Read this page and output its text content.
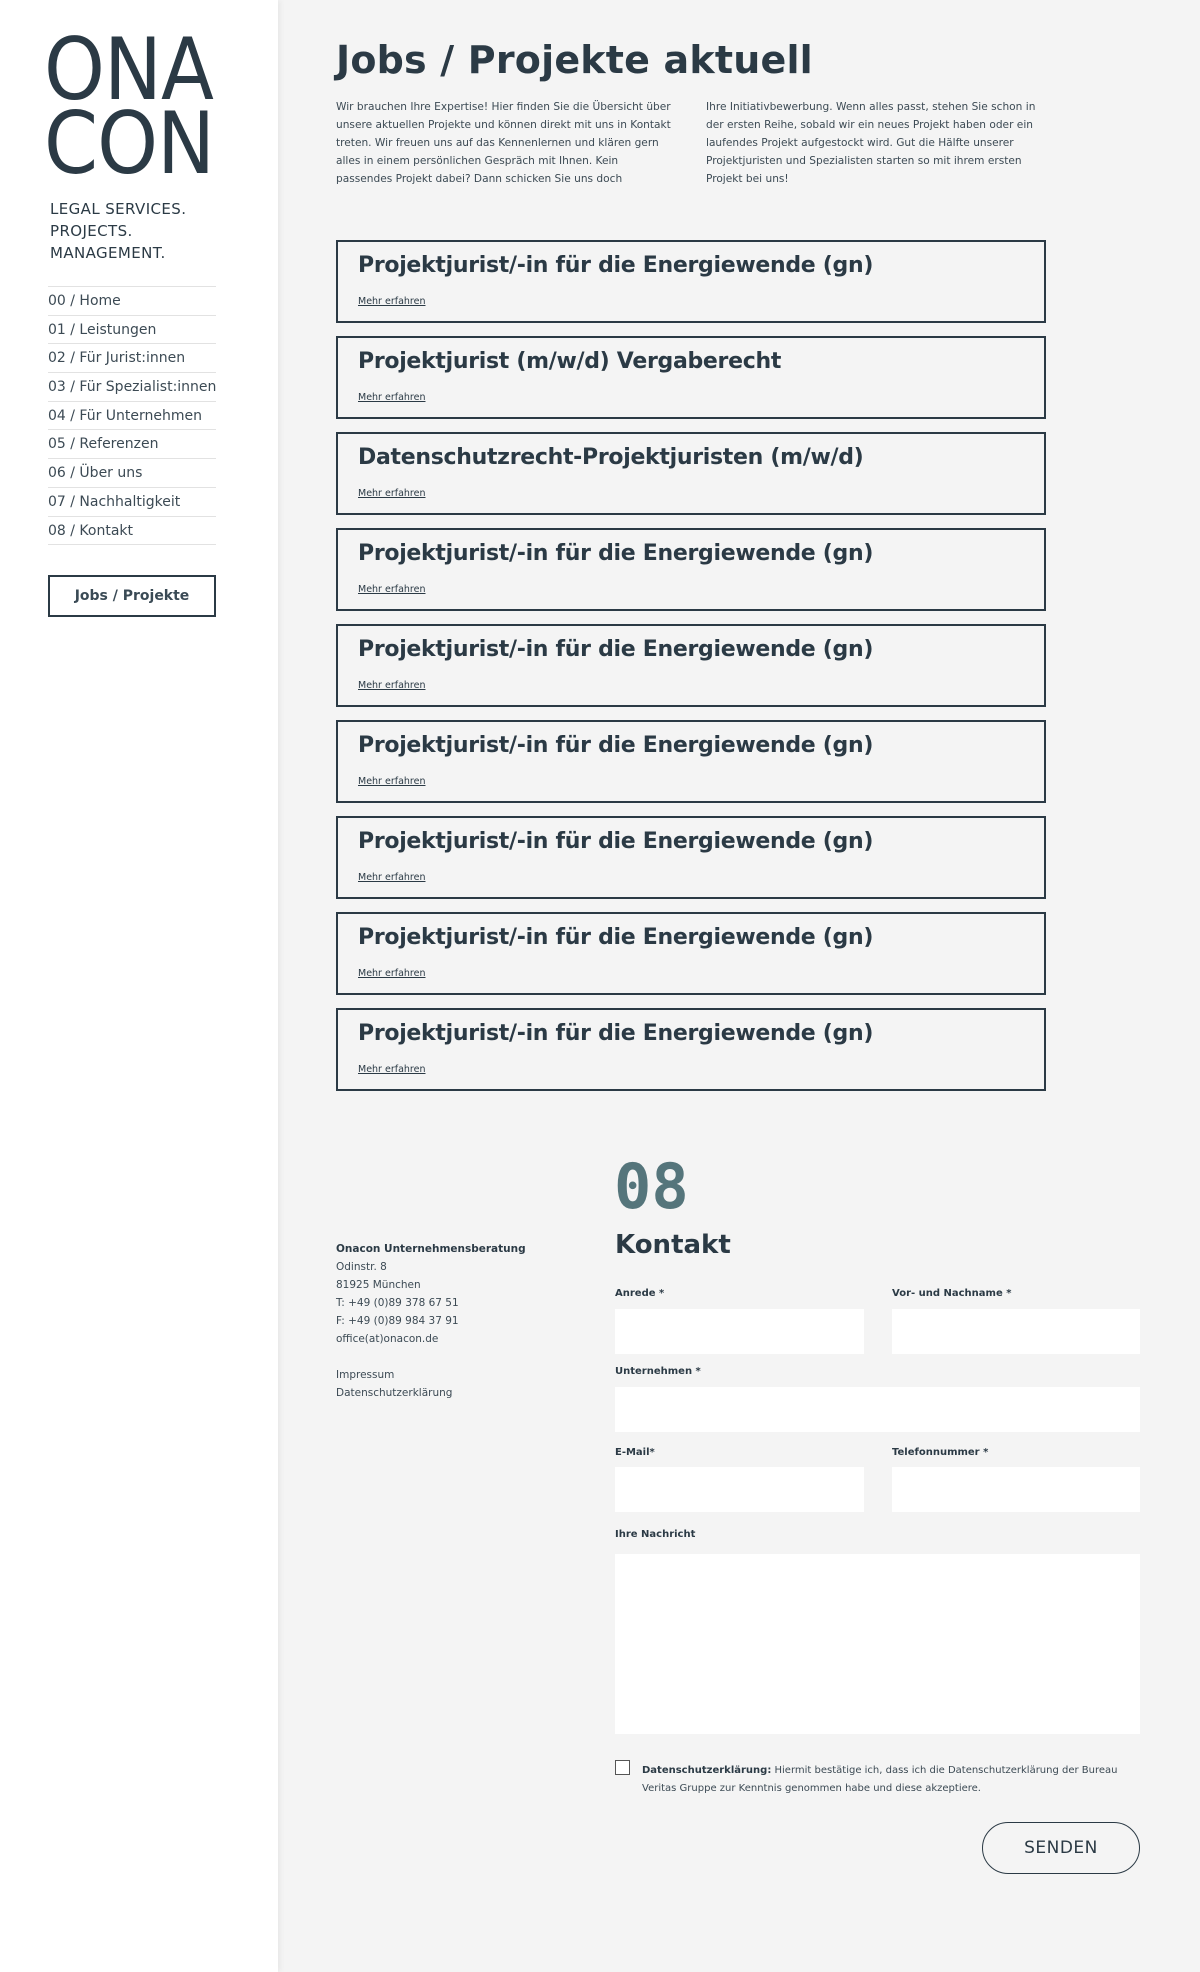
ONA
CON
LEGAL SERVICES.
PROJECTS.
MANAGEMENT.
00 / Home
01 / Leistungen
02 / Für Jurist:innen
03 / Für Spezialist:innen
04 / Für Unternehmen
05 / Referenzen
06 / Über uns
07 / Nachhaltigkeit
08 / Kontakt
Jobs / Projekte
Jobs / Projekte aktuell

Wir brauchen Ihre Expertise! Hier finden Sie die Übersicht über unsere aktuellen Projekte und können direkt mit uns in Kontakt treten. Wir freuen uns auf das Kennenlernen und klären gern alles in einem persönlichen Gespräch mit Ihnen. Kein passendes Projekt dabei? Dann schicken Sie uns doch

Ihre Initiativbewerbung. Wenn alles passt, stehen Sie schon in der ersten Reihe, sobald wir ein neues Projekt haben oder ein laufendes Projekt aufgestockt wird. Gut die Hälfte unserer Projektjuristen und Spezialisten starten so mit ihrem ersten Projekt bei uns!

Projektjurist/-in für die Energiewende (gn)
Mehr erfahren
Projektjurist (m/w/d) Vergaberecht
Mehr erfahren
Datenschutzrecht-Projektjuristen (m/w/d)
Mehr erfahren
Projektjurist/-in für die Energiewende (gn)
Mehr erfahren
Projektjurist/-in für die Energiewende (gn)
Mehr erfahren
Projektjurist/-in für die Energiewende (gn)
Mehr erfahren
Projektjurist/-in für die Energiewende (gn)
Mehr erfahren
Projektjurist/-in für die Energiewende (gn)
Mehr erfahren
Projektjurist/-in für die Energiewende (gn)
Mehr erfahren
08
Kontakt
Onacon Unternehmensberatung
Odinstr. 8
81925 München
T: +49 (0)89 378 67 51
F: +49 (0)89 984 37 91
office(at)onacon.de
Impressum
Datenschutzerklärung
Anrede *	Vor- und Nachname *
Unternehmen *
E-Mail*	Telefonnummer *
Ihre Nachricht
Datenschutzerklärung: Hiermit bestätige ich, dass ich die Datenschutzerklärung der Bureau Veritas Gruppe zur Kenntnis genommen habe und diese akzeptiere.
SENDEN
